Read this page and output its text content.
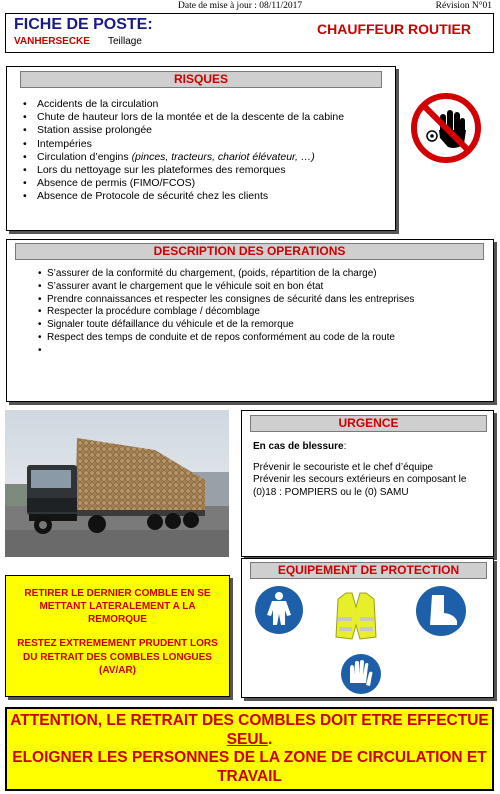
Date de mise à jour : 08/11/2017	Révision N°01
FICHE DE POSTE:
VANHERSECKE Teillage
CHAUFFEUR ROUTIER
RISQUES
• Accidents de la circulation
• Chute de hauteur lors de la montée et de la descente de la cabine
• Station assise prolongée
• Intempéries
• Circulation d’engins (pinces, tracteurs, chariot élévateur, …)
• Lors du nettoyage sur les plateformes des remorques
• Absence de permis (FIMO/FCOS)
• Absence de Protocole de sécurité chez les clients
DESCRIPTION DES OPERATIONS
• S’assurer de la conformité du chargement, (poids, répartition de la charge)
• S’assurer avant le chargement que le véhicule soit en bon état
• Prendre connaissances et respecter les consignes de sécurité dans les entreprises
• Respecter la procédure comblage / décomblage
• Signaler toute défaillance du véhicule et de la remorque
• Respect des temps de conduite et de repos conformément au code de la route
•
URGENCE
En cas de blessure:
Prévenir le secouriste et le chef d’équipe
Prévenir les secours extérieurs en composant le (0)18 : POMPIERS ou le (0) SAMU
EQUIPEMENT DE PROTECTION
RETIRER LE DERNIER COMBLE EN SE METTANT LATERALEMENT A LA REMORQUE
RESTEZ EXTREMEMENT PRUDENT LORS DU RETRAIT DES COMBLES LONGUES (AV/AR)
ATTENTION, LE RETRAIT DES COMBLES DOIT ETRE EFFECTUE SEUL.
ELOIGNER LES PERSONNES DE LA ZONE DE CIRCULATION ET TRAVAIL
